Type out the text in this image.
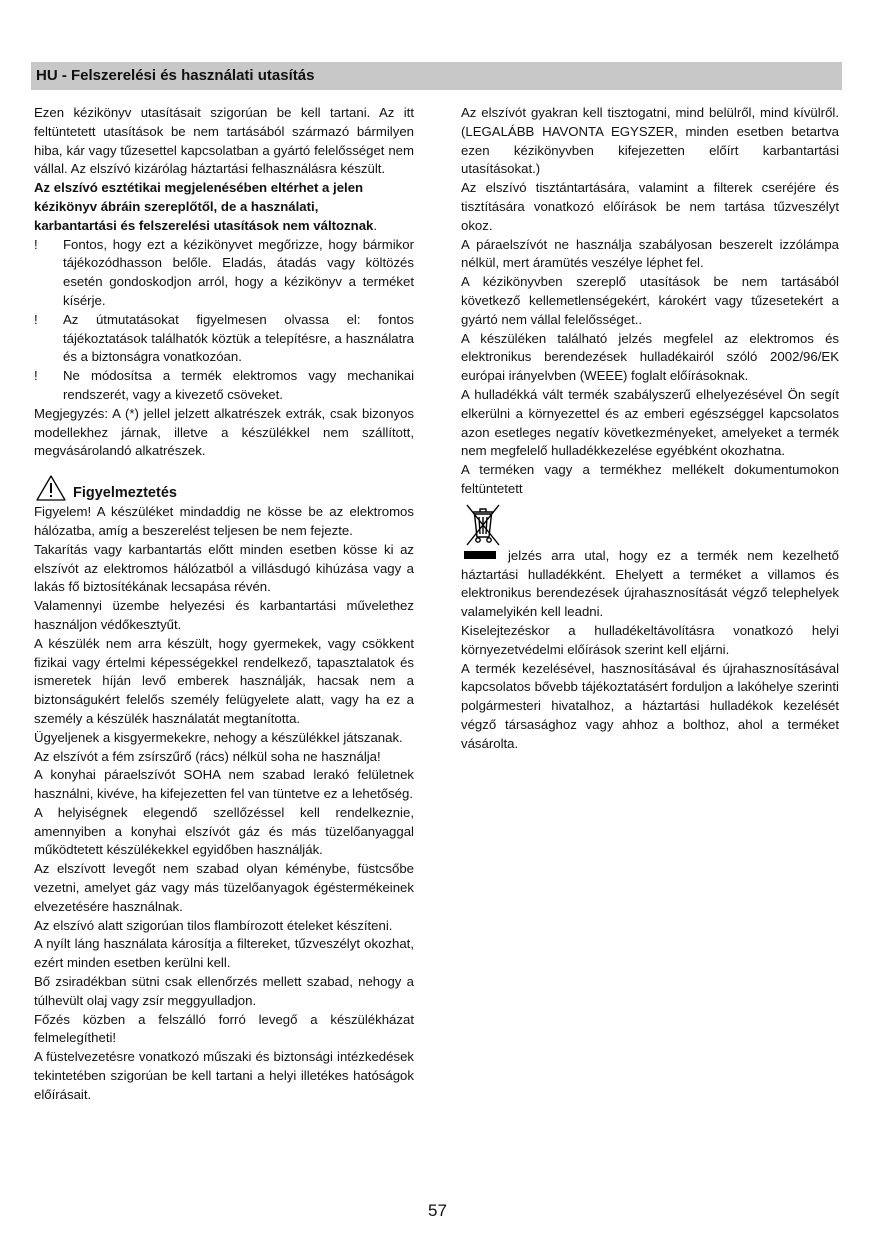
HU - Felszerelési és használati utasítás

Ezen kézikönyv utasításait szigorúan be kell tartani. Az itt feltüntetett utasítások be nem tartásából származó bármilyen hiba, kár vagy tűzesettel kapcsolatban a gyártó felelősséget nem vállal. Az elszívó kizárólag háztartási felhasználásra készült.

Az elszívó esztétikai megjelenésében eltérhet a jelen

kézikönyv ábráin szereplőtől, de a használati,

karbantartási és felszerelési utasítások nem változnak.

!	Fontos, hogy ezt a kézikönyvet megőrizze, hogy bármikor tájékozódhasson belőle. Eladás, átadás vagy költözés esetén gondoskodjon arról, hogy a kézikönyv a terméket kísérje.
!	Az útmutatásokat figyelmesen olvassa el: fontos tájékoztatások találhatók köztük a telepítésre, a használatra és a biztonságra vonatkozóan.
!	Ne módosítsa a termék elektromos vagy mechanikai rendszerét, vagy a kivezető csöveket.

Megjegyzés: A (*) jellel jelzett alkatrészek extrák, csak bizonyos modellekhez járnak, illetve a készülékkel nem szállított, megvásárolandó alkatrészek.

Figyelmeztetés

Figyelem! A készüléket mindaddig ne kösse be az elektromos hálózatba, amíg a beszerelést teljesen be nem fejezte.

Takarítás vagy karbantartás előtt minden esetben kösse ki az elszívót az elektromos hálózatból a villásdugó kihúzása vagy a lakás fő biztosítékának lecsapása révén.

Valamennyi üzembe helyezési és karbantartási művelethez használjon védőkesztyűt.

A készülék nem arra készült, hogy gyermekek, vagy csökkent fizikai vagy értelmi képességekkel rendelkező, tapasztalatok és ismeretek híján levő emberek használják, hacsak nem a biztonságukért felelős személy felügyelete alatt, vagy ha ez a személy a készülék használatát megtanította.

Ügyeljenek a kisgyermekekre, nehogy a készülékkel játszanak.

Az elszívót a fém zsírszűrő (rács) nélkül soha ne használja!

A konyhai páraelszívót SOHA nem szabad lerakó felületnek használni, kivéve, ha kifejezetten fel van tüntetve ez a lehetőség.

A helyiségnek elegendő szellőzéssel kell rendelkeznie, amennyiben a konyhai elszívót gáz és más tüzelőanyaggal működtetett készülékekkel egyidőben használják.

Az elszívott levegőt nem szabad olyan kéménybe, füstcsőbe vezetni, amelyet gáz vagy más tüzelőanyagok égéstermékeinek elvezetésére használnak.

Az elszívó alatt szigorúan tilos flambírozott ételeket készíteni.

A nyílt láng használata károsítja a filtereket, tűzveszélyt okozhat, ezért minden esetben kerülni kell.

Bő zsiradékban sütni csak ellenőrzés mellett szabad, nehogy a túlhevült olaj vagy zsír meggyulladjon.

Főzés közben a felszálló forró levegő a készülékházat felmelegítheti!

A füstelvezetésre vonatkozó műszaki és biztonsági intézkedések tekintetében szigorúan be kell tartani a helyi illetékes hatóságok előírásait.

Az elszívót gyakran kell tisztogatni, mind belülről, mind kívülről. (LEGALÁBB HAVONTA EGYSZER, minden esetben betartva ezen kézikönyvben kifejezetten előírt karbantartási utasításokat.)

Az elszívó tisztántartására, valamint a filterek cseréjére és tisztítására vonatkozó előírások be nem tartása tűzveszélyt okoz.

A páraelszívót ne használja szabályosan beszerelt izzólámpa nélkül, mert áramütés veszélye léphet fel.

A kézikönyvben szereplő utasítások be nem tartásából következő kellemetlenségekért, károkért vagy tűzesetekért a gyártó nem vállal felelősséget..

A készüléken található jelzés megfelel az elektromos és elektronikus berendezések hulladékairól szóló 2002/96/EK európai irányelvben (WEEE) foglalt előírásoknak.

A hulladékká vált termék szabályszerű elhelyezésével Ön segít elkerülni a környezettel és az emberi egészséggel kapcsolatos azon esetleges negatív következményeket, amelyeket a termék nem megfelelő hulladékkezelése egyébként okozhatna.

A terméken vagy a termékhez mellékelt dokumentumokon feltüntetett

jelzés arra utal, hogy ez a termék nem kezelhető háztartási hulladékként. Ehelyett a terméket a villamos és elektronikus berendezések újrahasznosítását végző telephelyek valamelyikén kell leadni.

Kiselejtezéskor a hulladékeltávolításra vonatkozó helyi környezetvédelmi előírások szerint kell eljárni.

A termék kezelésével, hasznosításával és újrahasznosításával kapcsolatos bővebb tájékoztatásért forduljon a lakóhelye szerinti polgármesteri hivatalhoz, a háztartási hulladékok kezelését végző társasághoz vagy ahhoz a bolthoz, ahol a terméket vásárolta.

57
